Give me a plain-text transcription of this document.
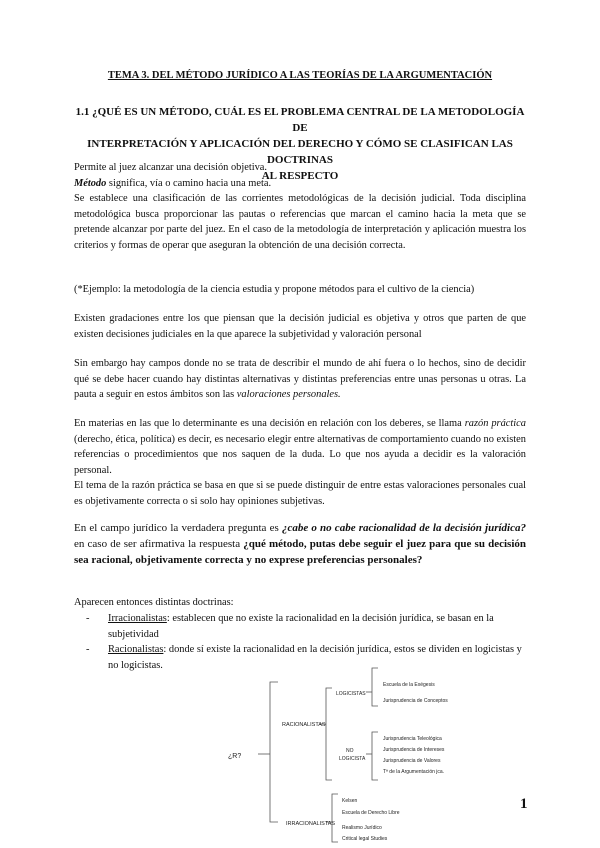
TEMA 3. DEL MÉTODO JURÍDICO A LAS TEORÍAS DE LA ARGUMENTACIÓN
1.1 ¿QUÉ ES UN MÉTODO, CUÁL ES EL PROBLEMA CENTRAL DE LA METODOLOGÍA DE
INTERPRETACIÓN Y APLICACIÓN DEL DERECHO Y CÓMO SE CLASIFICAN LAS DOCTRINAS
AL RESPECTO

Permite al juez alcanzar una decisión objetiva.

Método significa, vía o camino hacia una meta.

Se establece una clasificación de las corrientes metodológicas de la decisión judicial. Toda disciplina metodológica busca proporcionar las pautas o referencias que marcan el camino hacia la meta que se pretende alcanzar por parte del juez. En el caso de la metodología de interpretación y aplicación muestra los criterios y formas de operar que aseguran la obtención de una decisión correcta.

(*Ejemplo: la metodología de la ciencia estudia y propone métodos para el cultivo de la ciencia)

Existen gradaciones entre los que piensan que la decisión judicial es objetiva y otros que parten de que existen decisiones judiciales en la que aparece la subjetividad y valoración personal

Sin embargo hay campos donde no se trata de describir el mundo de ahí fuera o lo hechos, sino de decidir qué se debe hacer cuando hay distintas alternativas y distintas preferencias entre unas personas u otras. La pauta a seguir en estos ámbitos son las valoraciones personales.

En materias en las que lo determinante es una decisión en relación con los deberes, se llama razón práctica (derecho, ética, política) es decir, es necesario elegir entre alternativas de comportamiento cuando no existen referencias o procedimientos que nos saquen de la duda. Lo que nos ayuda a decidir es la valoración personal.

El tema de la razón práctica se basa en que si se puede distinguir de entre estas valoraciones personales cual es objetivamente correcta o si solo hay opiniones subjetivas.

En el campo jurídico la verdadera pregunta es ¿cabe o no cabe racionalidad de la decisión jurídica? en caso de ser afirmativa la respuesta ¿qué método, putas debe seguir el juez para que su decisión sea racional, objetivamente correcta y no exprese preferencias personales?

Aparecen entonces distintas doctrinas:

- Irracionalistas: establecen que no existe la racionalidad en la decisión jurídica, se basan en la subjetividad
- Racionalistas: donde sí existe la racionalidad en la decisión jurídica, estos se dividen en logicistas y no logicistas.
¿R?
RACIONALISTAS
LOGICISTAS
Escuela de la Exégesis
Jurisprudencia de Conceptos
NO
LOGICISTA
Jurisprudencia Teleológica
Jurisprudencia de Intereses
Jurisprudencia de Valores
Tª de la Argumentación jca.
IRRACIONALISTAS
Kelsen
Escuela de Derecho Libre
Realismo Jurídico
Critical legal Studies
1
